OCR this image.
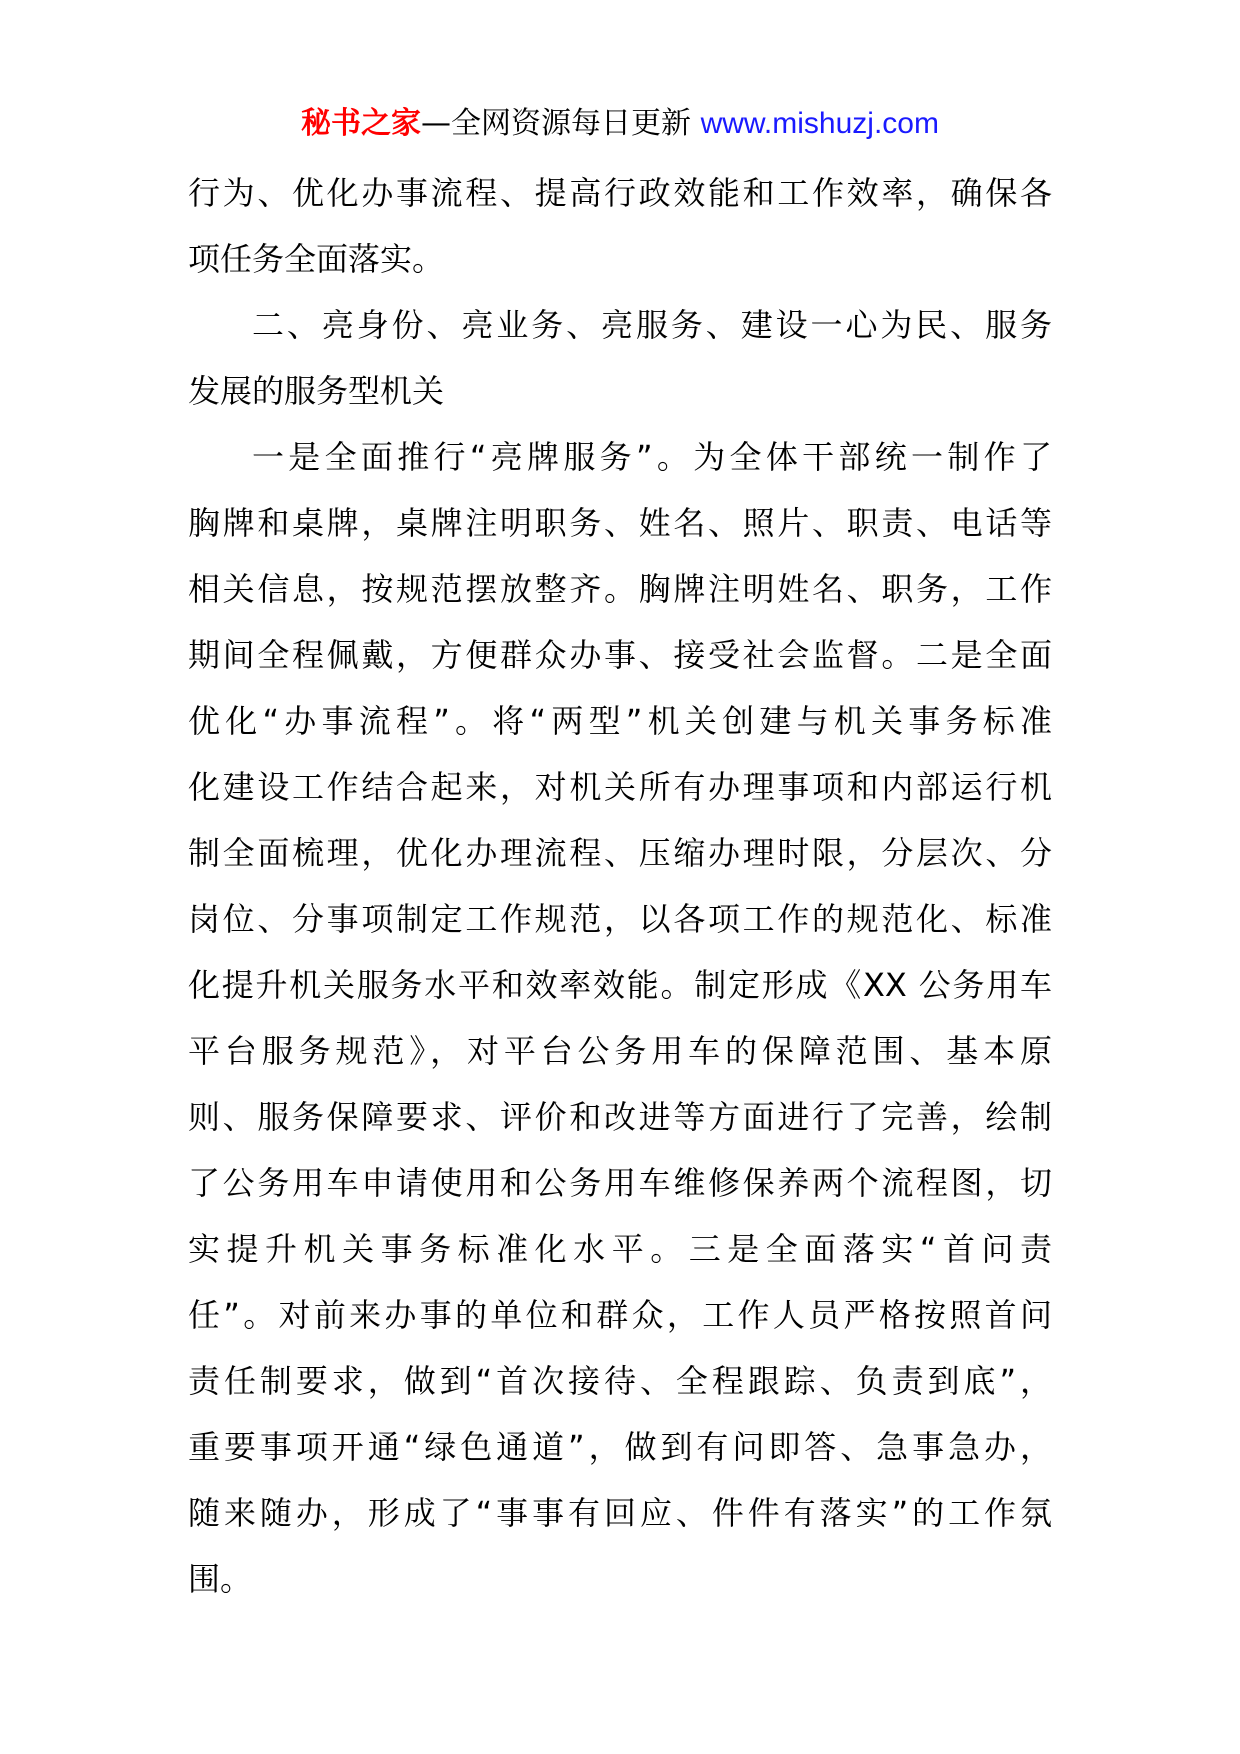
秘书之家—全网资源每日更新 www.mishuzj.com
行为、优化办事流程、提高行政效能和工作效率，确保各
项任务全面落实。
二、亮身份、亮业务、亮服务、建设一心为民、服务
发展的服务型机关
一是全面推行“亮牌服务”。为全体干部统一制作了
胸牌和桌牌，桌牌注明职务、姓名、照片、职责、电话等
相关信息，按规范摆放整齐。胸牌注明姓名、职务，工作
期间全程佩戴，方便群众办事、接受社会监督。二是全面
优化“办事流程”。将“两型”机关创建与机关事务标准
化建设工作结合起来，对机关所有办理事项和内部运行机
制全面梳理，优化办理流程、压缩办理时限，分层次、分
岗位、分事项制定工作规范，以各项工作的规范化、标准
化提升机关服务水平和效率效能。制定形成《XX 公务用车
平台服务规范》，对平台公务用车的保障范围、基本原
则、服务保障要求、评价和改进等方面进行了完善，绘制
了公务用车申请使用和公务用车维修保养两个流程图，切
实提升机关事务标准化水平。三是全面落实“首问责
任”。对前来办事的单位和群众，工作人员严格按照首问
责任制要求，做到“首次接待、全程跟踪、负责到底”，
重要事项开通“绿色通道”，做到有问即答、急事急办，
随来随办，形成了“事事有回应、件件有落实”的工作氛
围。
